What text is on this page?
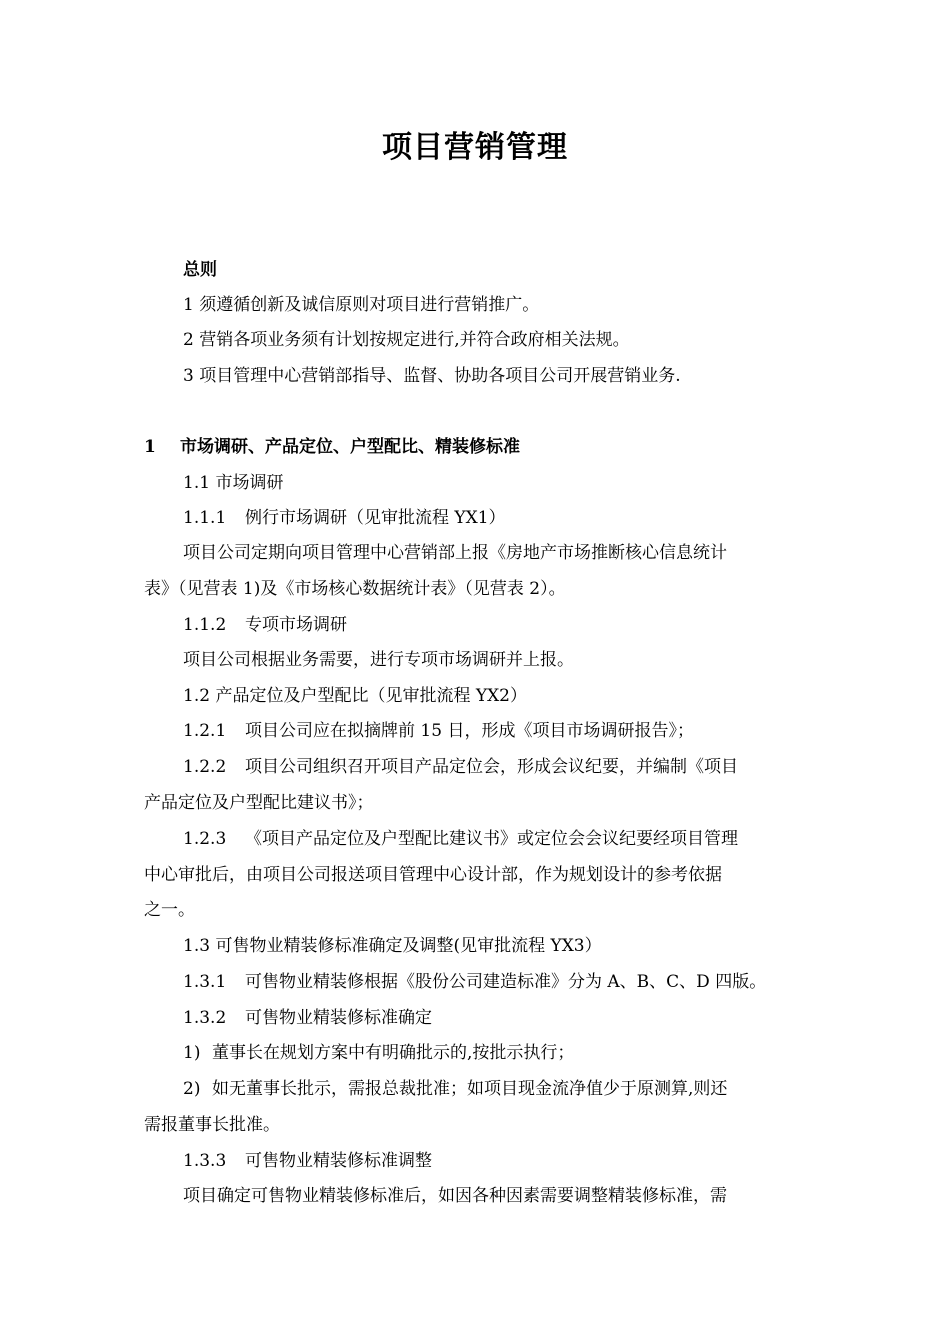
项目营销管理

总则

1 须遵循创新及诚信原则对项目进行营销推广。

2 营销各项业务须有计划按规定进行,并符合政府相关法规。

3 项目管理中心营销部指导、监督、协助各项目公司开展营销业务.

1 市场调研、产品定位、户型配比、精装修标准

1.1 市场调研

1.1.1 例行市场调研（见审批流程 YX1）

项目公司定期向项目管理中心营销部上报《房地产市场推断核心信息统计

表》（见营表 1)及《市场核心数据统计表》（见营表 2）。

1.1.2 专项市场调研

项目公司根据业务需要，进行专项市场调研并上报。

1.2 产品定位及户型配比（见审批流程 YX2）

1.2.1 项目公司应在拟摘牌前 15 日，形成《项目市场调研报告》；

1.2.2 项目公司组织召开项目产品定位会，形成会议纪要，并编制《项目

产品定位及户型配比建议书》；

1.2.3 《项目产品定位及户型配比建议书》或定位会会议纪要经项目管理

中心审批后，由项目公司报送项目管理中心设计部，作为规划设计的参考依据

之一。

1.3 可售物业精装修标准确定及调整(见审批流程 YX3）

1.3.1 可售物业精装修根据《股份公司建造标准》分为 A、B、C、D 四版。

1.3.2 可售物业精装修标准确定

1) 董事长在规划方案中有明确批示的,按批示执行；

2) 如无董事长批示，需报总裁批准；如项目现金流净值少于原测算,则还

需报董事长批准。

1.3.3 可售物业精装修标准调整

项目确定可售物业精装修标准后，如因各种因素需要调整精装修标准，需
